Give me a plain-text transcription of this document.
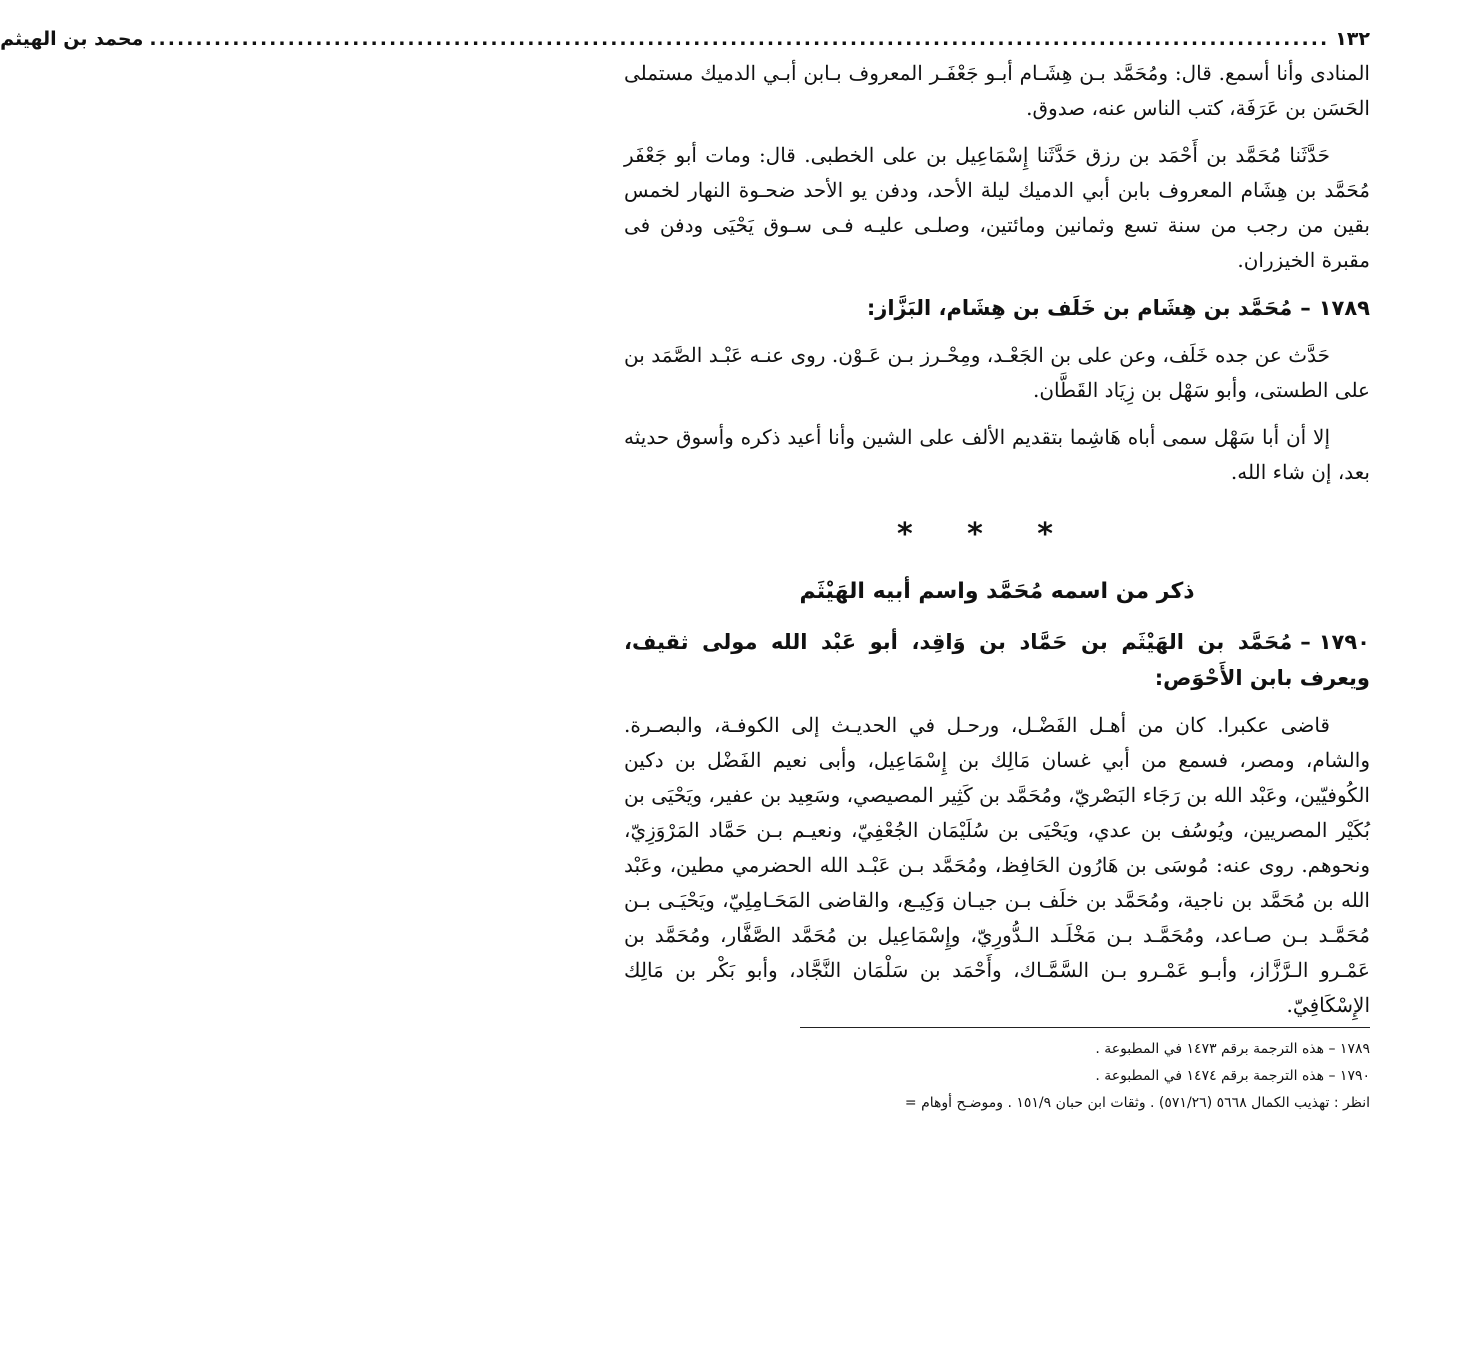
١٣٢
................................................................................................................................
محمد بن الهيثم

المنادى وأنا أسمع. قال: ومُحَمَّد بـن هِشَـام أبـو جَعْفَـر المعروف بـابن أبـي الدميك مستملى الحَسَن بن عَرَفَة، كتب الناس عنه، صدوق.

حَدَّثَنا مُحَمَّد بن أَحْمَد بن رزق حَدَّثَنا إِسْمَاعِيل بن على الخطبى. قال: ومات أبو جَعْفَر مُحَمَّد بن هِشَام المعروف بابن أبي الدميك ليلة الأحد، ودفن يو الأحد ضحـوة النهار لخمس بقين من رجب من سنة تسع وثمانين ومائتين، وصلـى عليـه فـى سـوق يَحْيَى ودفن فى مقبرة الخيزران.

١٧٨٩–مُحَمَّد بن هِشَام بن خَلَف بن هِشَام، البَزَّاز:

حَدَّث عن جده خَلَف، وعن على بن الجَعْـد، ومِحْـرز بـن عَـوْن. روى عنـه عَبْـد الصَّمَد بن على الطستى، وأبو سَهْل بن زِيَاد القَطَّان.

إلا أن أبا سَهْل سمى أباه هَاشِما بتقديم الألف على الشين وأنا أعيد ذكره وأسوق حديثه بعد، إن شاء الله.

* * *

ذكر من اسمه مُحَمَّد واسم أبيه الهَيْثَم

١٧٩٠–مُحَمَّد بن الهَيْثَم بن حَمَّاد بن وَاقِد، أبو عَبْد الله مولى ثقيف، ويعرف بابن الأَحْوَص:

قاضى عكبرا. كان من أهـل الفَضْـل، ورحـل في الحديـث إلى الكوفـة، والبصـرة. والشام، ومصر، فسمع من أبي غسان مَالِك بن إِسْمَاعِيل، وأبى نعيم الفَضْل بن دكين الكُوفيّين، وعَبْد الله بن رَجَاء البَصْريّ، ومُحَمَّد بن كَثِير المصيصي، وسَعِيد بن عفير، ويَحْيَى بن بُكَيْر المصريين، ويُوسُف بن عدي، ويَحْيَى بن سُلَيْمَان الجُعْفِيّ، ونعيـم بـن حَمَّاد المَرْوَزِيّ، ونحوهم. روى عنه: مُوسَى بن هَارُون الحَافِظ، ومُحَمَّد بـن عَبْـد الله الحضرمي مطين، وعَبْد الله بن مُحَمَّد بن ناجية، ومُحَمَّد بن خلَف بـن جيـان وَكِيـع، والقاضى المَحَـامِلِيّ، ويَحْيَـى بـن مُحَمَّـد بـن صـاعد، ومُحَمَّـد بـن مَخْلَـد الـدُّورِيّ، وإِسْمَاعِيل بن مُحَمَّد الصَّفَّار، ومُحَمَّد بن عَمْـرو الـرَّزَّاز، وأبـو عَمْـرو بـن السَّمَّـاك، وأَحْمَد بن سَلْمَان النَّجَّاد، وأبو بَكْر بن مَالِك الإِسْكَافِيّ.

١٧٨٩ – هذه الترجمة برقم ١٤٧٣ في المطبوعة .

١٧٩٠ – هذه الترجمة برقم ١٤٧٤ في المطبوعة .

انظر : تهذيب الكمال ٥٦٦٨ (٥٧١/٢٦) . وثقات ابن حبان ١٥١/٩ . وموضـح أوهام =
